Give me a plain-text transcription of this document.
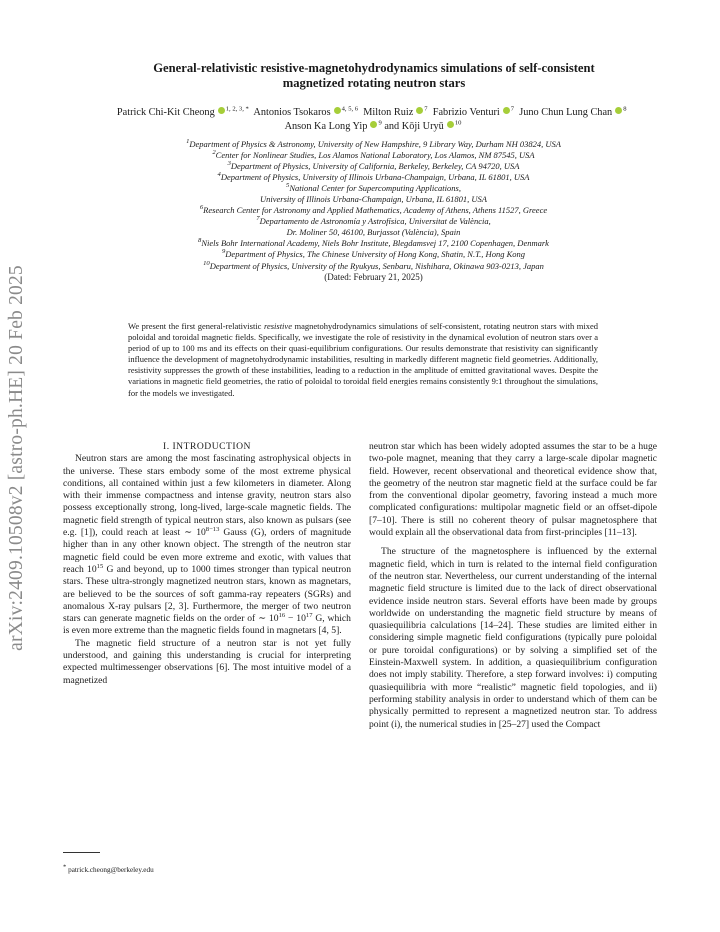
arXiv:2409.10508v2 [astro-ph.HE] 20 Feb 2025
General-relativistic resistive-magnetohydrodynamics simulations of self-consistent
magnetized rotating neutron stars
Patrick Chi-Kit Cheong $^{1, 2, 3, *}$ Antonios Tsokaros $^{4, 5, 6}$ Milton Ruiz $^7$ Fabrizio Venturi $^7$ Juno Chun Lung Chan $^8$  Anson Ka Long Yip $^9$ and Kōji Uryū $^{10}$
$^1$Department of Physics & Astronomy, University of New Hampshire, 9 Library Way, Durham NH 03824, USA
$^2$Center for Nonlinear Studies, Los Alamos National Laboratory, Los Alamos, NM 87545, USA
$^3$Department of Physics, University of California, Berkeley, Berkeley, CA 94720, USA
$^4$Department of Physics, University of Illinois Urbana-Champaign, Urbana, IL 61801, USA
$^5$National Center for Supercomputing Applications,
University of Illinois Urbana-Champaign, Urbana, IL 61801, USA
$^6$Research Center for Astronomy and Applied Mathematics, Academy of Athens, Athens 11527, Greece
$^7$Departamento de Astronomía y Astrofísica, Universitat de València,
Dr. Moliner 50, 46100, Burjassot (València), Spain
$^8$Niels Bohr International Academy, Niels Bohr Institute, Blegdamsvej 17, 2100 Copenhagen, Denmark
$^9$Department of Physics, The Chinese University of Hong Kong, Shatin, N.T., Hong Kong
$^{10}$Department of Physics, University of the Ryukyus, Senbaru, Nishihara, Okinawa 903-0213, Japan
(Dated: February 21, 2025)
We present the first general-relativistic resistive magnetohydrodynamics simulations of self-consistent, rotating neutron stars with mixed poloidal and toroidal magnetic fields. Specifically, we investigate the role of resistivity in the dynamical evolution of neutron stars over a period of up to 100 ms and its effects on their quasi-equilibrium configurations. Our results demonstrate that resistivity can significantly influence the development of magnetohydrodynamic instabilities, resulting in markedly different magnetic field geometries. Additionally, resistivity suppresses the growth of these instabilities, leading to a reduction in the amplitude of emitted gravitational waves. Despite the variations in magnetic field geometries, the ratio of poloidal to toroidal field energies remains consistently 9:1 throughout the simulations, for the models we investigated.

I. INTRODUCTION

Neutron stars are among the most fascinating astrophysical objects in the universe. These stars embody some of the most extreme physical conditions, all contained within just a few kilometers in diameter. Along with their immense compactness and intense gravity, neutron stars also possess exceptionally strong, long-lived, large-scale magnetic fields. The magnetic field strength of typical neutron stars, also known as pulsars (see e.g. [1]), could reach at least ∼ $10^{8-13}$ Gauss (G), orders of magnitude higher than in any other known object. The strength of the neutron star magnetic field could be even more extreme and exotic, with values that reach $10^{15}$ G and beyond, up to 1000 times stronger than typical neutron stars. These ultra-strongly magnetized neutron stars, known as magnetars, are believed to be the sources of soft gamma-ray repeaters (SGRs) and anomalous X-ray pulsars [2, 3]. Furthermore, the merger of two neutron stars can generate magnetic fields on the order of ∼ $10^{16} - 10^{17}$ G, which is even more extreme than the magnetic fields found in magnetars [4, 5].

The magnetic field structure of a neutron star is not yet fully understood, and gaining this understanding is crucial for interpreting expected multimessenger observations [6]. The most intuitive model of a magnetized

neutron star which has been widely adopted assumes the star to be a huge two-pole magnet, meaning that they carry a large-scale dipolar magnetic field. However, recent observational and theoretical evidence show that, the geometry of the neutron star magnetic field at the surface could be far from the conventional dipolar geometry, favoring instead a much more complicated configurations: multipolar magnetic field or an offset-dipole [7–10]. There is still no coherent theory of pulsar magnetosphere that would explain all the observational data from first-principles [11–13].

The structure of the magnetosphere is influenced by the external magnetic field, which in turn is related to the internal field configuration of the neutron star. Nevertheless, our current understanding of the internal magnetic field structure is limited due to the lack of direct observational evidence inside neutron stars. Several efforts have been made by groups worldwide on understanding the magnetic field structure by means of quasiequilibria calculations [14–24]. These studies are limited either in considering simple magnetic field configurations (typically pure poloidal or pure toroidal configurations) or by solving a simplified set of the Einstein-Maxwell system. In addition, a quasiequilibrium configuration does not imply stability. Therefore, a step forward involves: i) computing quasiequilibria with more “realistic” magnetic field topologies, and ii) performing stability analysis in order to understand which of them can be physically permitted to represent a magnetized neutron star. To address point (i), the numerical studies in [25–27] used the Compact

* patrick.cheong@berkeley.edu
